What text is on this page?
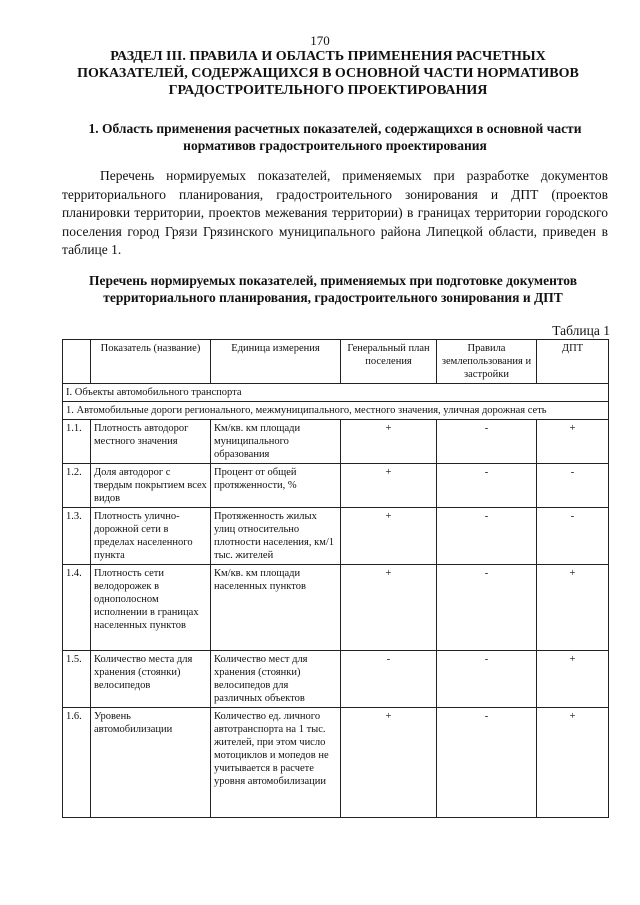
170
РАЗДЕЛ III. ПРАВИЛА И ОБЛАСТЬ ПРИМЕНЕНИЯ РАСЧЕТНЫХ ПОКАЗАТЕЛЕЙ, СОДЕРЖАЩИХСЯ В ОСНОВНОЙ ЧАСТИ НОРМАТИВОВ ГРАДОСТРОИТЕЛЬНОГО ПРОЕКТИРОВАНИЯ
1. Область применения расчетных показателей, содержащихся в основной части нормативов градостроительного проектирования
Перечень нормируемых показателей, применяемых при разработке документов территориального планирования, градостроительного зонирования и ДПТ (проектов планировки территории, проектов межевания территории) в границах территории городского поселения город Грязи Грязинского муниципального района Липецкой области, приведен в таблице 1.
Перечень нормируемых показателей, применяемых при подготовке документов территориального планирования, градостроительного зонирования и ДПТ
Таблица 1
	Показатель (название)	Единица измерения	Генеральный план поселения	Правила землепользования и застройки	ДПТ
I. Объекты автомобильного транспорта					
1. Автомобильные дороги регионального, межмуниципального, местного значения, уличная дорожная сеть					
1.1.	Плотность автодорог местного значения	Км/кв. км площади муниципального образования	+	-	+
1.2.	Доля автодорог с твердым покрытием всех видов	Процент от общей протяженности, %	+	-	-
1.3.	Плотность улично-дорожной сети в пределах населенного пункта	Протяженность жилых улиц относительно плотности населения, км/1 тыс. жителей	+	-	-
1.4.	Плотность сети велодорожек в однополосном исполнении в границах населенных пунктов	Км/кв. км площади населенных пунктов	+	-	+
1.5.	Количество места для хранения (стоянки) велосипедов	Количество мест для хранения (стоянки) велосипедов для различных объектов	-	-	+
1.6.	Уровень автомобилизации	Количество ед. личного автотранспорта на 1 тыс. жителей, при этом число мотоциклов и мопедов не учитывается в расчете уровня автомобилизации	+	-	+
